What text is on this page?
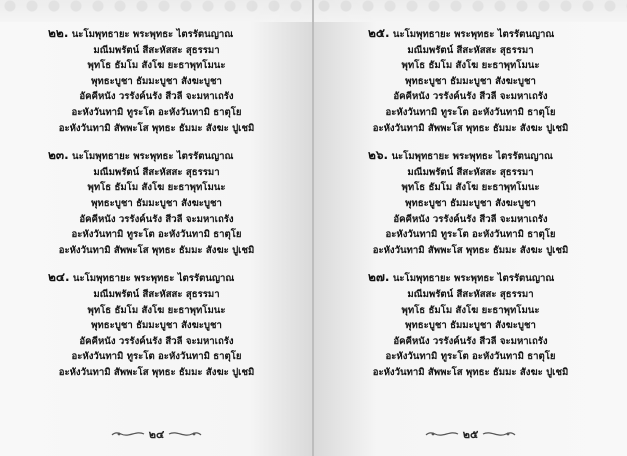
๒๒. นะโมพุทธายะ พระพุทธะ ไตรรัตนญาณ
มณีมพรัตน์ สีสะหัสสะ สุธรรมา
พุทโธ ธัมโม สังโฆ ยะธาพุทโมนะ
พุทธะบูชา ธัมมะบูชา สังฆะบูชา
อัคคีหนัง วรรังค์นรัง สีวลี จะมหาเถรัง
อะหังวันทามิ ทูระโต อะหังวันทามิ ธาตุโย
อะหังวันทามิ สัพพะโส พุทธะ ธัมมะ สังฆะ ปูเชมิ
๒๓. นะโมพุทธายะ พระพุทธะ ไตรรัตนญาณ
มณีมพรัตน์ สีสะหัสสะ สุธรรมา
พุทโธ ธัมโม สังโฆ ยะธาพุทโมนะ
พุทธะบูชา ธัมมะบูชา สังฆะบูชา
อัคคีหนัง วรรังค์นรัง สีวลี จะมหาเถรัง
อะหังวันทามิ ทูระโต อะหังวันทามิ ธาตุโย
อะหังวันทามิ สัพพะโส พุทธะ ธัมมะ สังฆะ ปูเชมิ
๒๔. นะโมพุทธายะ พระพุทธะ ไตรรัตนญาณ
มณีมพรัตน์ สีสะหัสสะ สุธรรมา
พุทโธ ธัมโม สังโฆ ยะธาพุทโมนะ
พุทธะบูชา ธัมมะบูชา สังฆะบูชา
อัคคีหนัง วรรังค์นรัง สีวลี จะมหาเถรัง
อะหังวันทามิ ทูระโต อะหังวันทามิ ธาตุโย
อะหังวันทามิ สัพพะโส พุทธะ ธัมมะ สังฆะ ปูเชมิ
๒๔
๒๕. นะโมพุทธายะ พระพุทธะ ไตรรัตนญาณ
มณีมพรัตน์ สีสะหัสสะ สุธรรมา
พุทโธ ธัมโม สังโฆ ยะธาพุทโมนะ
พุทธะบูชา ธัมมะบูชา สังฆะบูชา
อัคคีหนัง วรรังค์นรัง สีวลี จะมหาเถรัง
อะหังวันทามิ ทูระโต อะหังวันทามิ ธาตุโย
อะหังวันทามิ สัพพะโส พุทธะ ธัมมะ สังฆะ ปูเชมิ
๒๖. นะโมพุทธายะ พระพุทธะ ไตรรัตนญาณ
มณีมพรัตน์ สีสะหัสสะ สุธรรมา
พุทโธ ธัมโม สังโฆ ยะธาพุทโมนะ
พุทธะบูชา ธัมมะบูชา สังฆะบูชา
อัคคีหนัง วรรังค์นรัง สีวลี จะมหาเถรัง
อะหังวันทามิ ทูระโต อะหังวันทามิ ธาตุโย
อะหังวันทามิ สัพพะโส พุทธะ ธัมมะ สังฆะ ปูเชมิ
๒๗. นะโมพุทธายะ พระพุทธะ ไตรรัตนญาณ
มณีมพรัตน์ สีสะหัสสะ สุธรรมา
พุทโธ ธัมโม สังโฆ ยะธาพุทโมนะ
พุทธะบูชา ธัมมะบูชา สังฆะบูชา
อัคคีหนัง วรรังค์นรัง สีวลี จะมหาเถรัง
อะหังวันทามิ ทูระโต อะหังวันทามิ ธาตุโย
อะหังวันทามิ สัพพะโส พุทธะ ธัมมะ สังฆะ ปูเชมิ
๒๕
